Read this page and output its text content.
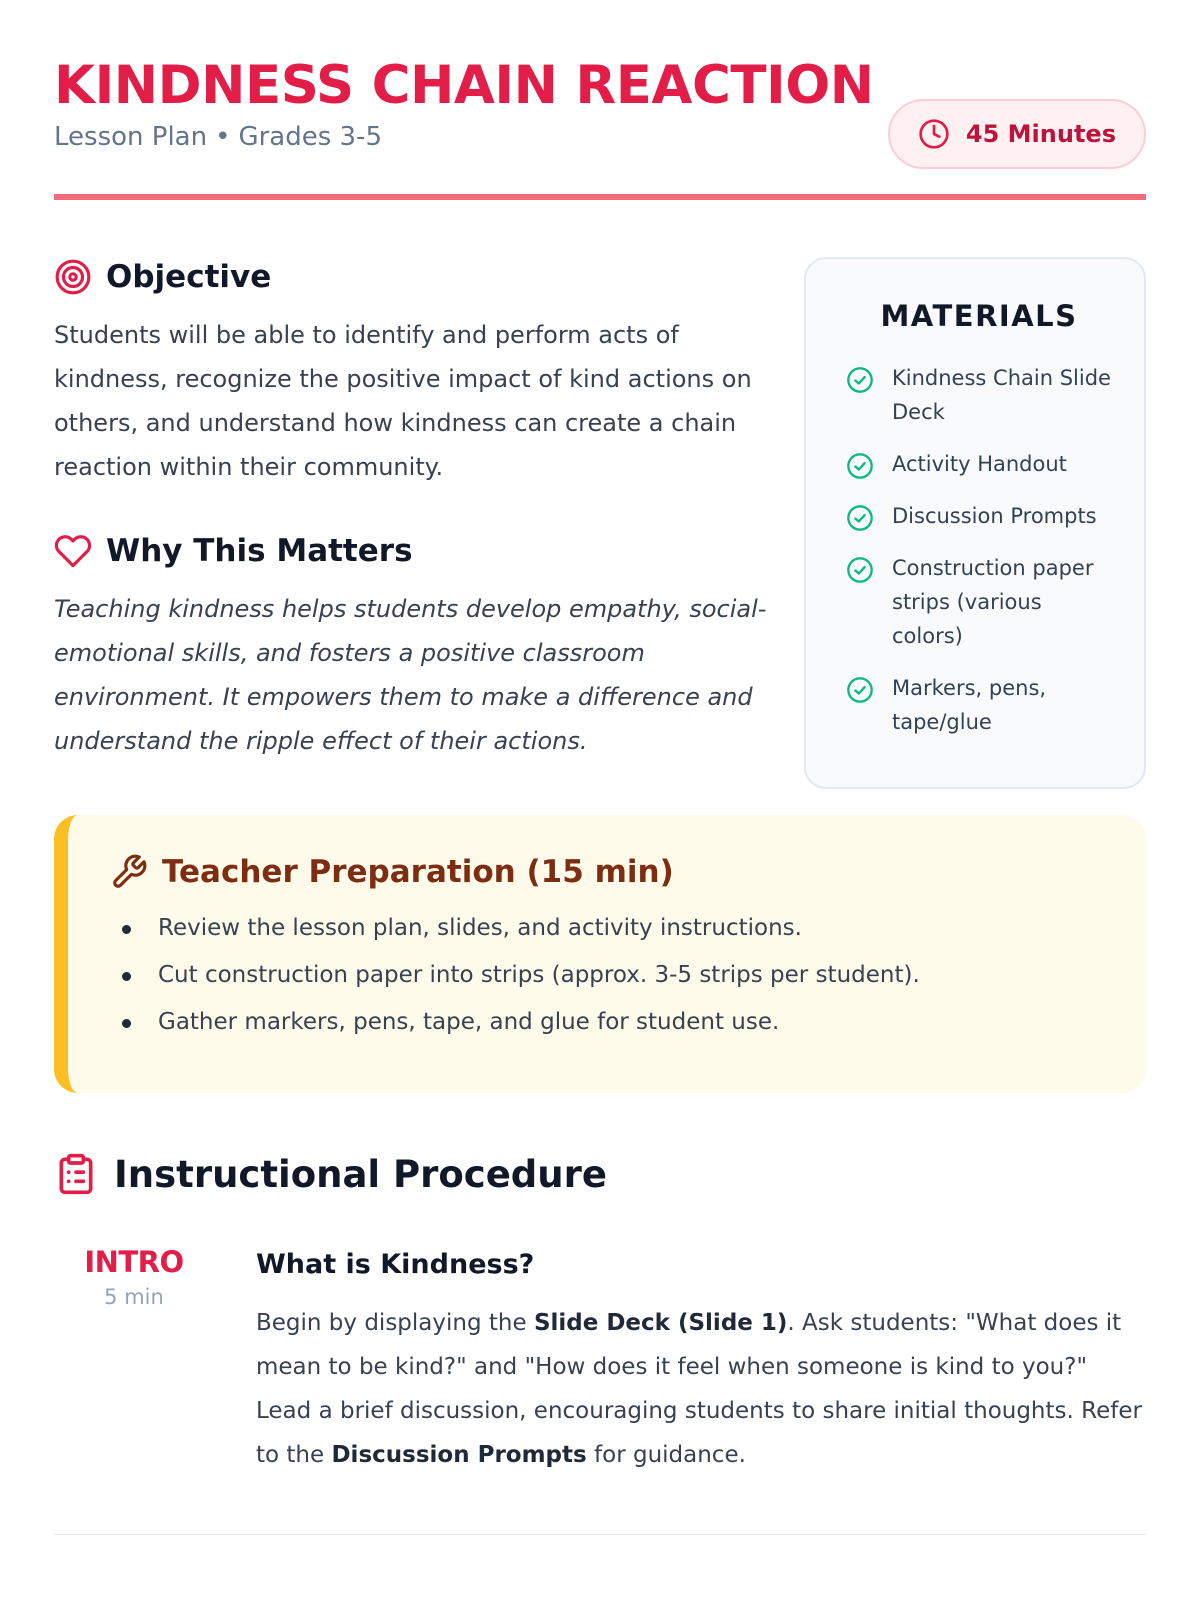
KINDNESS CHAIN REACTION
Lesson Plan • Grades 3-5	45 Minutes
Objective

Students will be able to identify and perform acts of kindness, recognize the positive impact of kind actions on others, and understand how kindness can create a chain reaction within their community.

Why This Matters

Teaching kindness helps students develop empathy, social-emotional skills, and fosters a positive classroom environment. It empowers them to make a difference and understand the ripple effect of their actions.

MATERIALS
Kindness Chain Slide Deck
Activity Handout
Discussion Prompts
Construction paper strips (various colors)
Markers, pens, tape/glue
Teacher Preparation (15 min)
Review the lesson plan, slides, and activity instructions.
Cut construction paper into strips (approx. 3-5 strips per student).
Gather markers, pens, tape, and glue for student use.
Instructional Procedure
INTRO
5 min
What is Kindness?

Begin by displaying the Slide Deck (Slide 1). Ask students: "What does it mean to be kind?" and "How does it feel when someone is kind to you?" Lead a brief discussion, encouraging students to share initial thoughts. Refer to the Discussion Prompts for guidance.
